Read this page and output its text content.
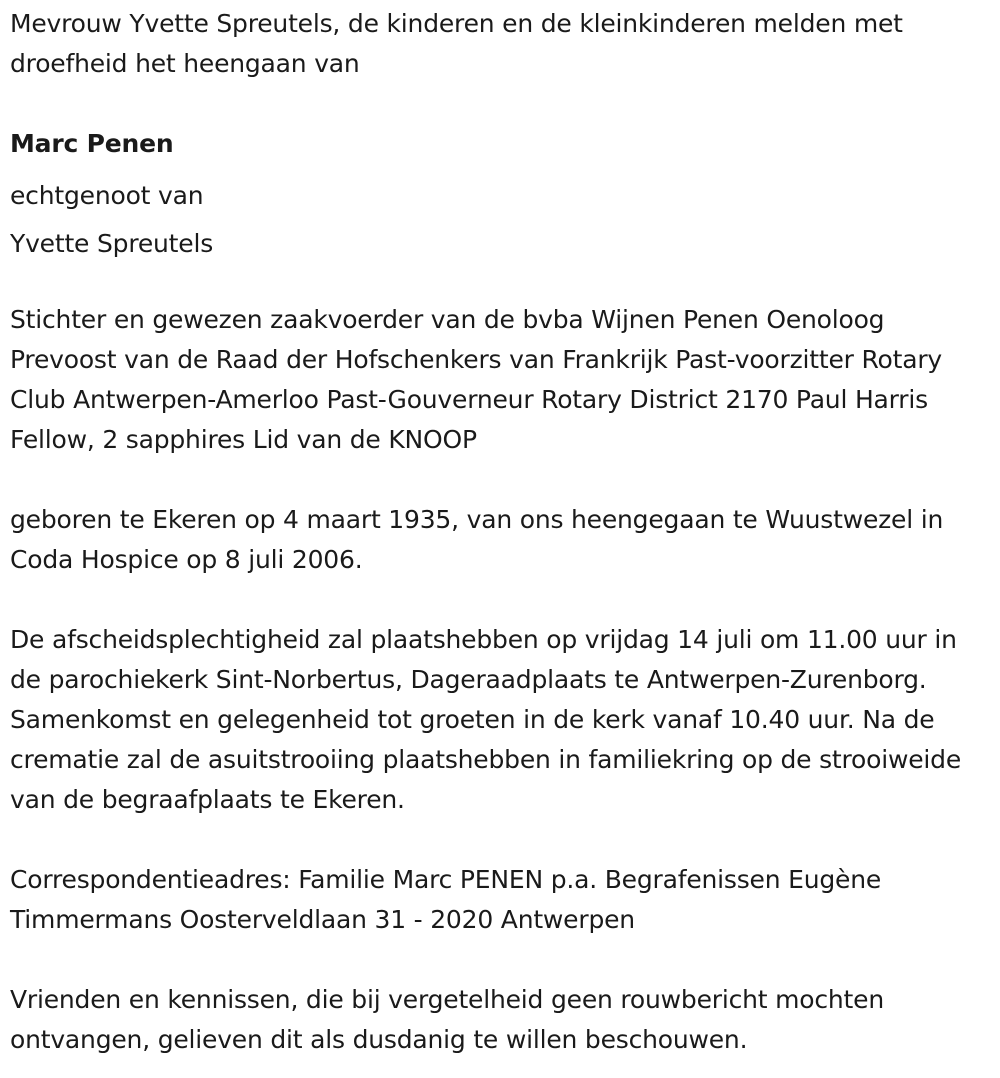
Mevrouw Yvette Spreutels, de kinderen en de kleinkinderen melden met droefheid het heengaan van

Marc Penen

echtgenoot van

Yvette Spreutels

Stichter en gewezen zaakvoerder van de bvba Wijnen Penen Oenoloog Prevoost van de Raad der Hofschenkers van Frankrijk Past-voorzitter Rotary Club Antwerpen-Amerloo Past-Gouverneur Rotary District 2170 Paul Harris Fellow, 2 sapphires Lid van de KNOOP

geboren te Ekeren op 4 maart 1935, van ons heengegaan te Wuustwezel in Coda Hospice op 8 juli 2006.

De afscheidsplechtigheid zal plaatshebben op vrijdag 14 juli om 11.00 uur in de parochiekerk Sint-Norbertus, Dageraadplaats te Antwerpen-Zurenborg. Samenkomst en gelegenheid tot groeten in de kerk vanaf 10.40 uur. Na de crematie zal de asuitstrooiing plaatshebben in familiekring op de strooiweide van de begraafplaats te Ekeren.

Correspondentieadres: Familie Marc PENEN p.a. Begrafenissen Eugène Timmermans Oosterveldlaan 31 - 2020 Antwerpen

Vrienden en kennissen, die bij vergetelheid geen rouwbericht mochten ontvangen, gelieven dit als dusdanig te willen beschouwen.
